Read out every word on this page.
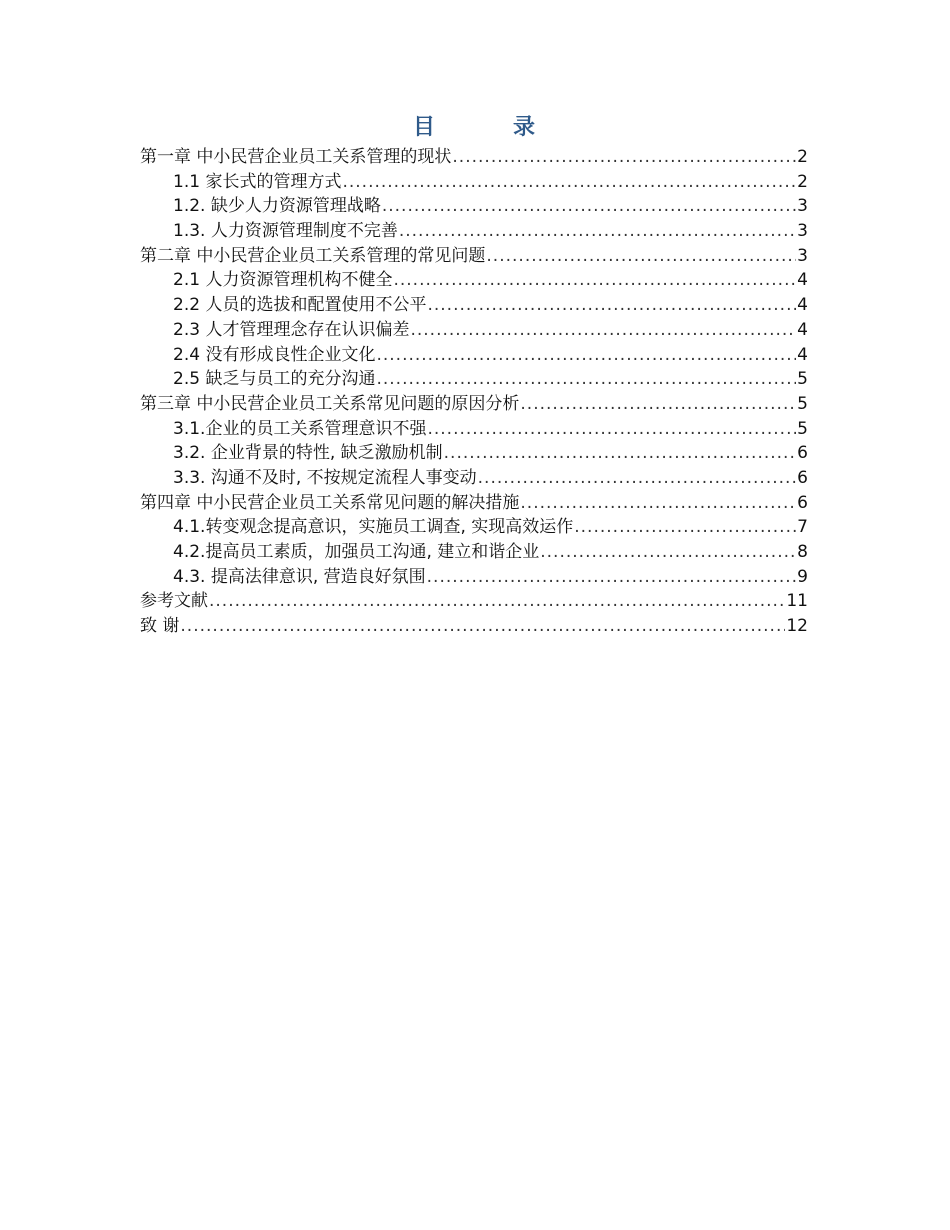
目	录
第一章 中小民营企业员工关系管理的现状 .....	2
1.1 家长式的管理方式 .....	2
1.2. 缺少人力资源管理战略 .....	3
1.3. 人力资源管理制度不完善 .....	3
第二章 中小民营企业员工关系管理的常见问题 .....	3
2.1 人力资源管理机构不健全 .....	4
2.2 人员的选拔和配置使用不公平 .....	4
2.3 人才管理理念存在认识偏差 .....	4
2.4 没有形成良性企业文化 .....	4
2.5 缺乏与员工的充分沟通 .....	5
第三章 中小民营企业员工关系常见问题的原因分析 .....	5
3.1.企业的员工关系管理意识不强 .....	5
3.2. 企业背景的特性, 缺乏激励机制 .....	6
3.3. 沟通不及时, 不按规定流程人事变动 .....	6
第四章 中小民营企业员工关系常见问题的解决措施 .....	6
4.1.转变观念提高意识，实施员工调查, 实现高效运作 .....	7
4.2.提高员工素质，加强员工沟通, 建立和谐企业 .....	8
4.3. 提高法律意识, 营造良好氛围 .....	9
参考文献 .....	11
致 谢 .....	12
